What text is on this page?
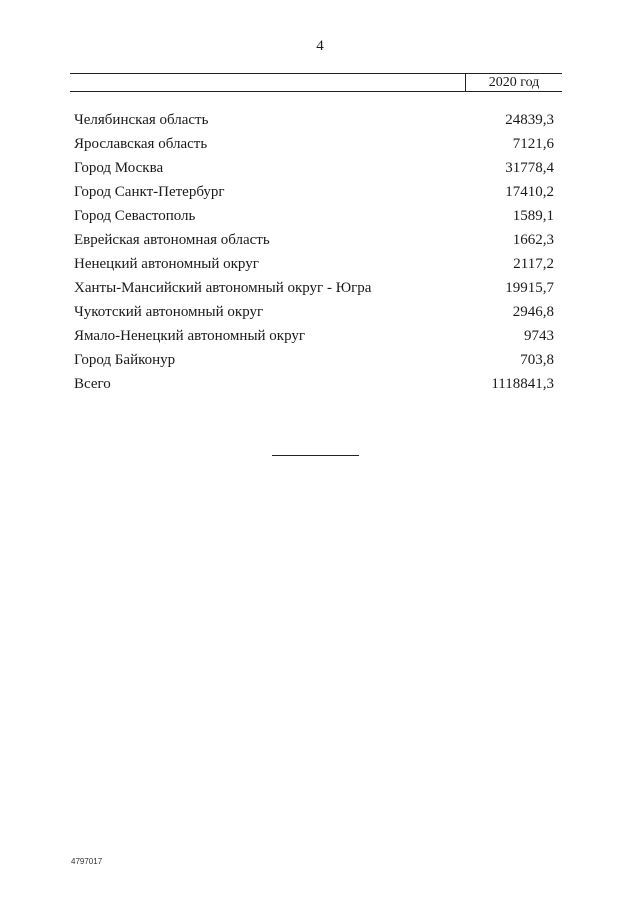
4
2020 год
Челябинская область	24839,3
Ярославская область	7121,6
Город Москва	31778,4
Город Санкт-Петербург	17410,2
Город Севастополь	1589,1
Еврейская автономная область	1662,3
Ненецкий автономный округ	2117,2
Ханты-Мансийский автономный округ - Югра	19915,7
Чукотский автономный округ	2946,8
Ямало-Ненецкий автономный округ	9743
Город Байконур	703,8
Всего	1118841,3
4797017
